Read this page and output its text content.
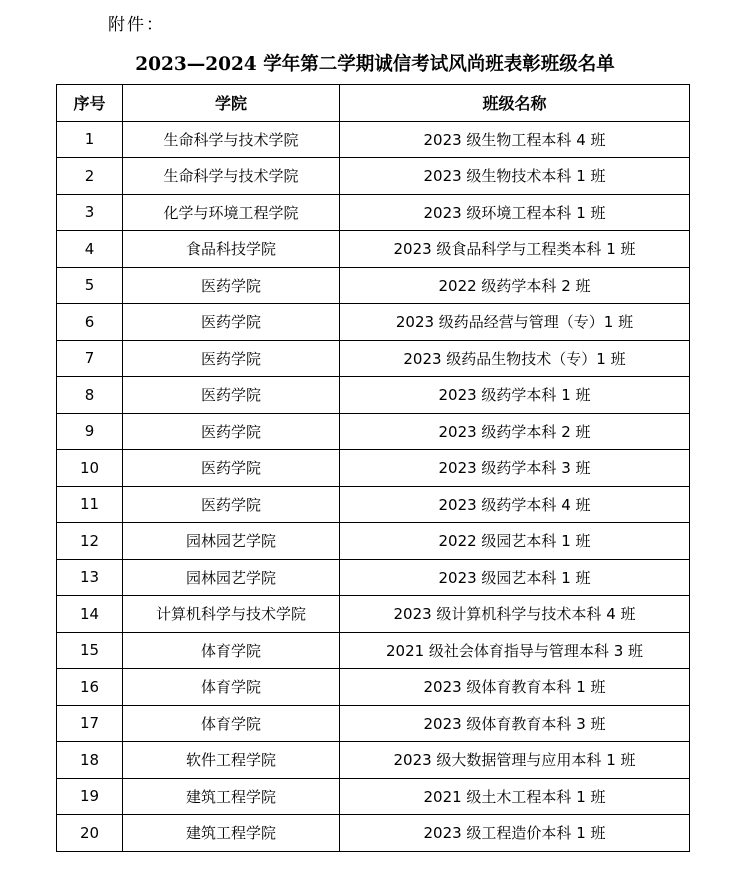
附件：
2023—2024 学年第二学期诚信考试风尚班表彰班级名单
序号	学院	班级名称
1	生命科学与技术学院	2023 级生物工程本科 4 班
2	生命科学与技术学院	2023 级生物技术本科 1 班
3	化学与环境工程学院	2023 级环境工程本科 1 班
4	食品科技学院	2023 级食品科学与工程类本科 1 班
5	医药学院	2022 级药学本科 2 班
6	医药学院	2023 级药品经营与管理（专）1 班
7	医药学院	2023 级药品生物技术（专）1 班
8	医药学院	2023 级药学本科 1 班
9	医药学院	2023 级药学本科 2 班
10	医药学院	2023 级药学本科 3 班
11	医药学院	2023 级药学本科 4 班
12	园林园艺学院	2022 级园艺本科 1 班
13	园林园艺学院	2023 级园艺本科 1 班
14	计算机科学与技术学院	2023 级计算机科学与技术本科 4 班
15	体育学院	2021 级社会体育指导与管理本科 3 班
16	体育学院	2023 级体育教育本科 1 班
17	体育学院	2023 级体育教育本科 3 班
18	软件工程学院	2023 级大数据管理与应用本科 1 班
19	建筑工程学院	2021 级土木工程本科 1 班
20	建筑工程学院	2023 级工程造价本科 1 班
